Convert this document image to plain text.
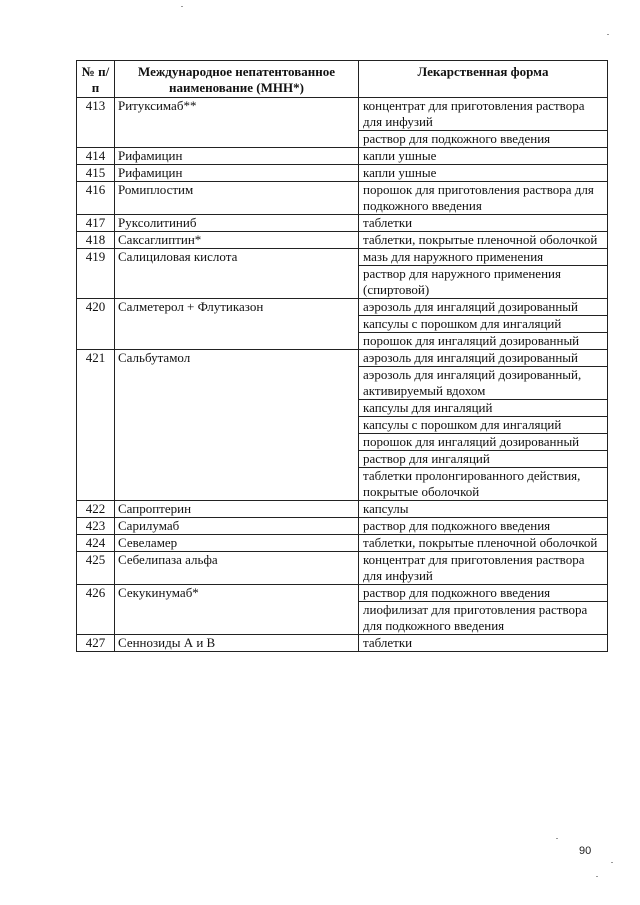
№ п/п	Международное непатентованное наименование (МНН*)	Лекарственная форма
413	Ритуксимаб**	концентрат для приготовления раствора для инфузий
		раствор для подкожного введения
414	Рифамицин	капли ушные
415	Рифамицин	капли ушные
416	Ромиплостим	порошок для приготовления раствора для подкожного введения
417	Руксолитиниб	таблетки
418	Саксаглиптин*	таблетки, покрытые пленочной оболочкой
419	Салициловая кислота	мазь для наружного применения
		раствор для наружного применения (спиртовой)
420	Салметерол + Флутиказон	аэрозоль для ингаляций дозированный
		капсулы с порошком для ингаляций
		порошок для ингаляций дозированный
421	Сальбутамол	аэрозоль для ингаляций дозированный
		аэрозоль для ингаляций дозированный, активируемый вдохом
		капсулы для ингаляций
		капсулы с порошком для ингаляций
		порошок для ингаляций дозированный
		раствор для ингаляций
		таблетки пролонгированного действия, покрытые оболочкой
422	Сапроптерин	капсулы
423	Сарилумаб	раствор для подкожного введения
424	Севеламер	таблетки, покрытые пленочной оболочкой
425	Себелипаза альфа	концентрат для приготовления раствора для инфузий
426	Секукинумаб*	раствор для подкожного введения
		лиофилизат для приготовления раствора для подкожного введения
427	Сеннозиды А и В	таблетки
90
